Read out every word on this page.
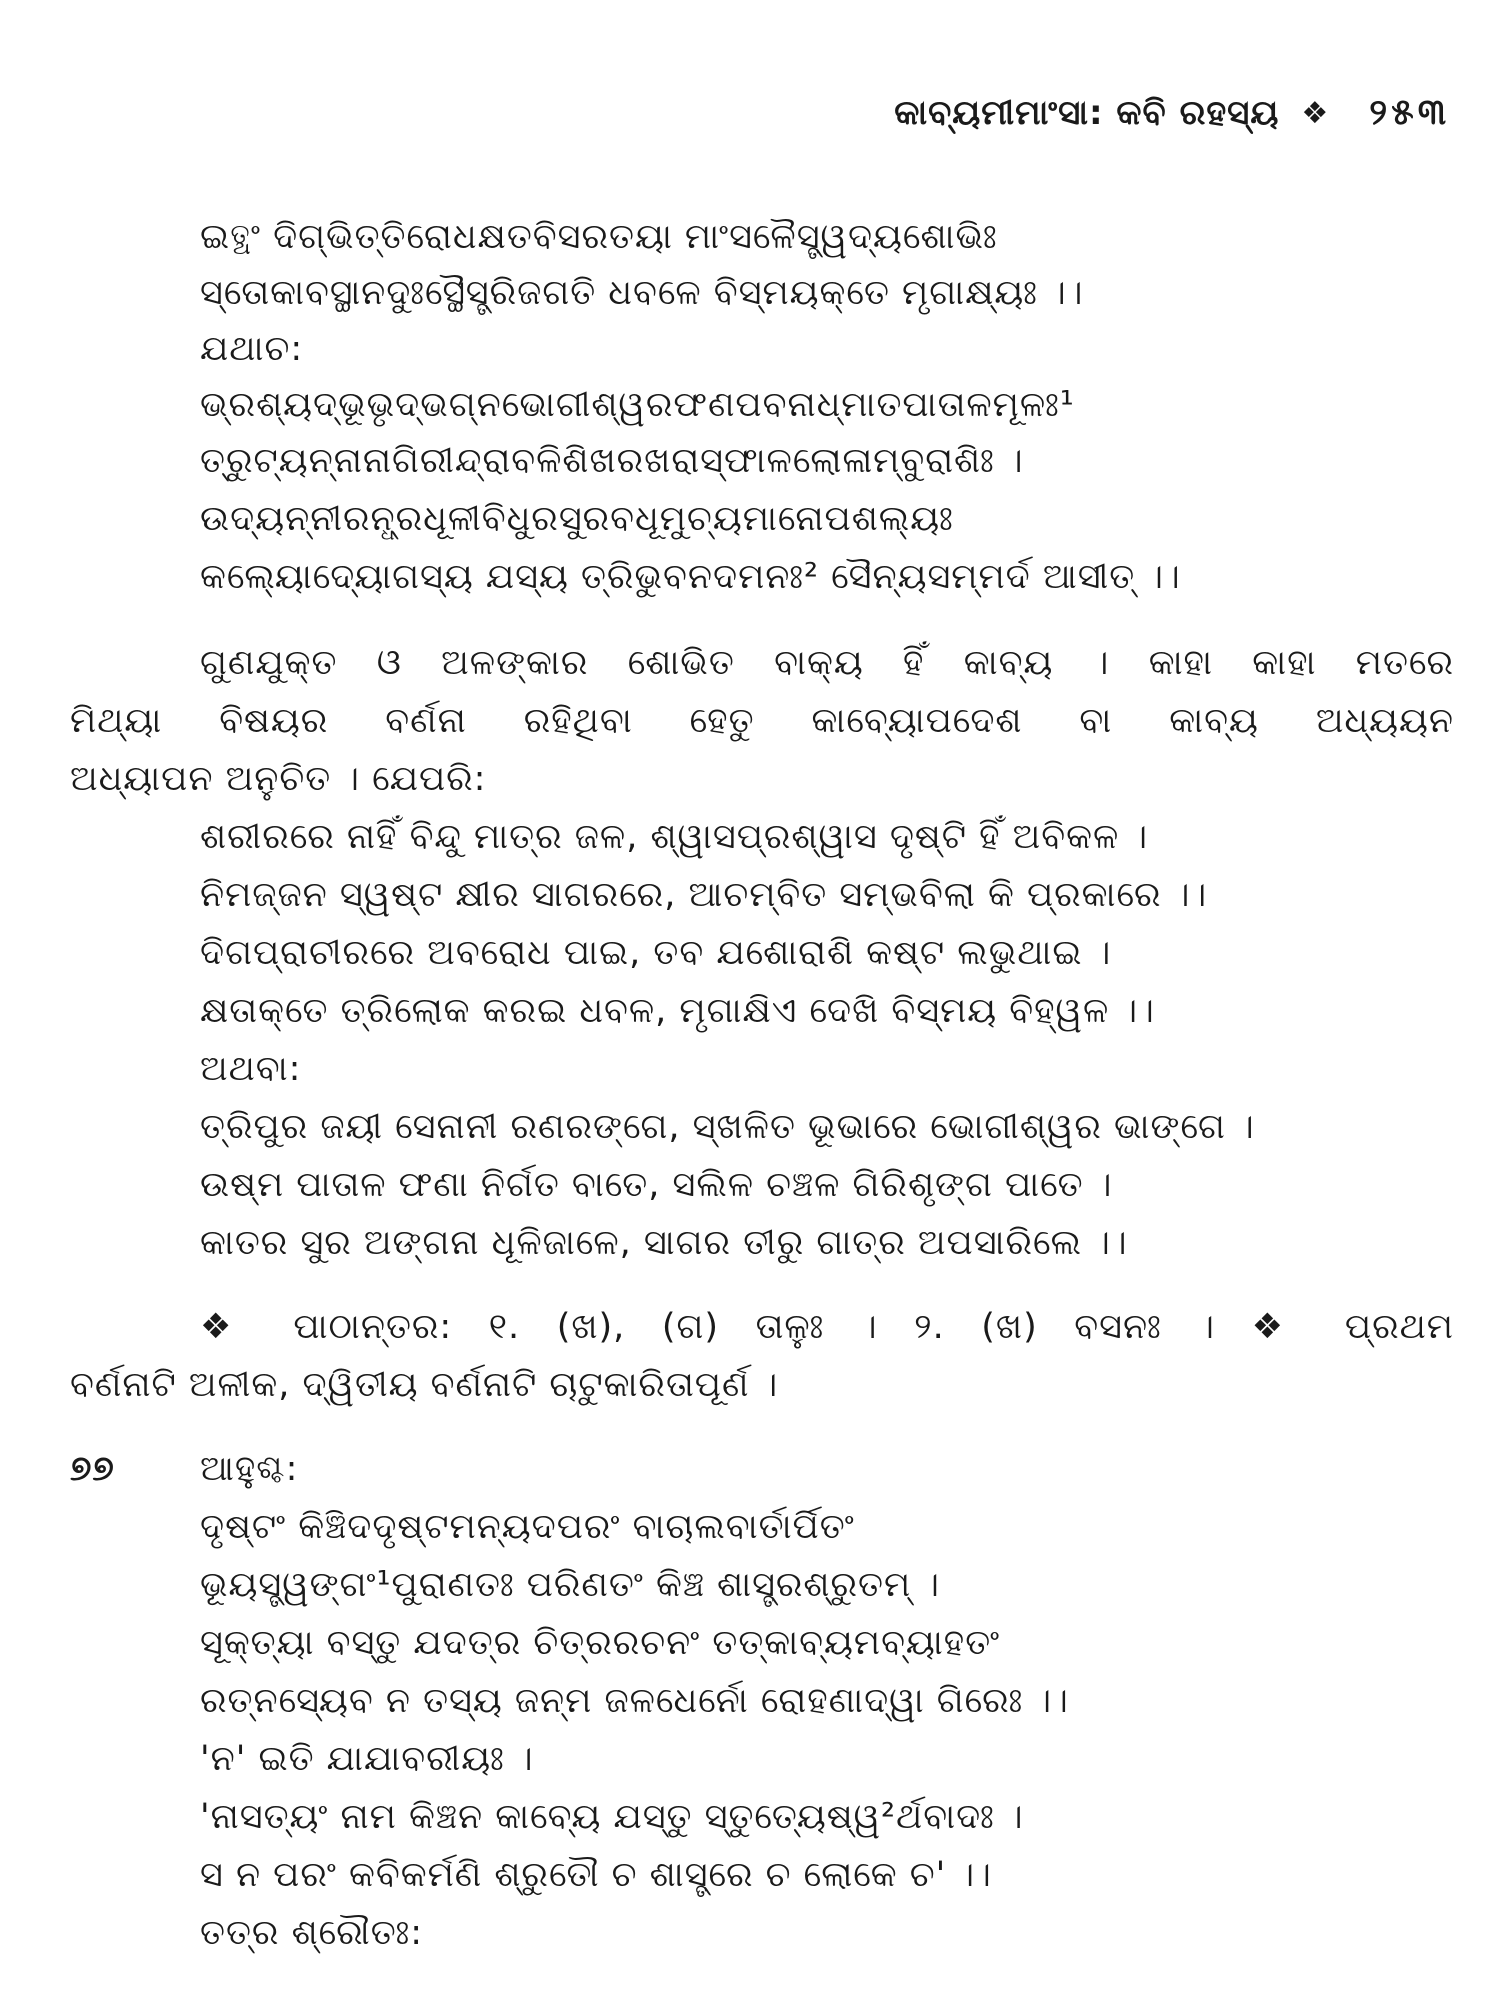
କାବ୍ୟମୀମାଂସା: କବି ରହସ୍ୟ ❖ ୨୫୩
ଇତ୍ଥଂ ଦିଗ୍‌ଭିତ୍ତିରୋଧକ୍ଷତବିସରତୟା ମାଂସଳୈସ୍ତ୍ୱଦ୍ୟଶୋଭିଃ
ସ୍ତୋକାବସ୍ଥାନଦୁଃସ୍ଥୈସ୍ତ୍ରିଜଗତି ଧବଳେ ବିସ୍ମୟକ୍ତେ ମୃଗାକ୍ଷ୍ୟଃ ।।
ଯଥାଚ:
ଭ୍ରଶ୍ୟଦ୍ଭୂଭୃଦ୍ଭଗ୍ନଭୋଗୀଶ୍ୱରଫଣପବନାଧ୍ମାତପାତାଳମୂଳଃ¹
ତ୍ରୁଟ୍ୟନ୍ନାନାଗିରୀନ୍ଦ୍ରାବଳିଶିଖରଖରାସ୍ଫାଳଲୋଳାମ୍ବୁରାଶିଃ ।
ଉଦ୍ୟନ୍ନୀରନ୍ଧ୍ରଧୂଳୀବିଧୁରସୁରବଧୂମୁଚ୍ୟମାନୋପଶଲ୍ୟଃ
କଲ୍ୟୋଦ୍ୟୋଗସ୍ୟ ଯସ୍ୟ ତ୍ରିଭୁବନଦମନଃ² ସୈନ୍ୟସମ୍ମର୍ଦ ଆସୀତ୍ ।।
ଗୁଣଯୁକ୍ତ ଓ ଅଳଙ୍କାର ଶୋଭିତ ବାକ୍ୟ ହିଁ କାବ୍ୟ । କାହା କାହା ମତରେ
ମିଥ୍ୟା ବିଷୟର ବର୍ଣନା ରହିଥିବା ହେତୁ କାବ୍ୟୋପଦେଶ ବା କାବ୍ୟ ଅଧ୍ୟୟନ
ଅଧ୍ୟାପନ ଅନୁଚିତ । ଯେପରି:
ଶରୀରରେ ନାହିଁ ବିନ୍ଦୁ ମାତ୍ର ଜଳ, ଶ୍ୱାସପ୍ରଶ୍ୱାସ ଦୃଷ୍ଟି ହିଁ ଅବିକଳ ।
ନିମଜ୍ଜନ ସ୍ୱଷ୍ଟ କ୍ଷୀର ସାଗରରେ, ଆଚମ୍ବିତ ସମ୍ଭବିଲା କି ପ୍ରକାରେ ।।
ଦିଗପ୍ରାଚୀରରେ ଅବରୋଧ ପାଇ, ତବ ଯଶୋରାଶି କଷ୍ଟ ଲଭୁଥାଇ ।
କ୍ଷତାକ୍ତେ ତ୍ରିଲୋକ କରଇ ଧବଳ, ମୃଗାକ୍ଷିଏ ଦେଖି ବିସ୍ମୟ ବିହ୍ୱଳ ।।
ଅଥବା:
ତ୍ରିପୁର ଜୟୀ ସେନାନୀ ରଣରଙ୍ଗେ, ସ୍ଖଳିତ ଭୂଭାରେ ଭୋଗୀଶ୍ୱର ଭାଙ୍ଗେ ।
ଉଷ୍ମ ପାତାଳ ଫଣା ନିର୍ଗତ ବାତେ, ସଲିଳ ଚଞ୍ଚଳ ଗିରିଶୃଙ୍ଗ ପାତେ ।
କାତର ସୁର ଅଙ୍ଗନା ଧୂଳିଜାଳେ, ସାଗର ତୀରୁ ଗାତ୍ର ଅପସାରିଲେ ।।
❖ ପାଠାନ୍ତର: ୧. (ଖ), (ଗ) ତାଳୁଃ । ୨. (ଖ) ବସନଃ । ❖ ପ୍ରଥମ
ବର୍ଣନାଟି ଅଳୀକ, ଦ୍ୱିତୀୟ ବର୍ଣନାଟି ଚାଟୁକାରିତାପୂର୍ଣ ।
୭୭ ଆହୁଶ୍ଚ:
ଦୃଷ୍ଟଂ କିଞ୍ଚିଦଦୃଷ୍ଟମନ୍ୟଦପରଂ ବାଚାଲବାର୍ତାର୍ପିତଂ
ଭୂୟସ୍ତ୍ୱଙ୍ଗଂ¹ପୁରାଣତଃ ପରିଣତଂ କିଞ୍ଚ ଶାସ୍ତ୍ରଶ୍ରୁତମ୍ ।
ସୂକ୍ତ୍ୟା ବସ୍ତୁ ଯଦତ୍ର ଚିତ୍ରରଚନଂ ତତ୍କାବ୍ୟମବ୍ୟାହତଂ
ରତ୍ନସ୍ୟେବ ନ ତସ୍ୟ ଜନ୍ମ ଜଳଧେର୍ନୋ ରୋହଣାଦ୍ୱା ଗିରେଃ ।।
'ନ' ଇତି ଯାଯାବରୀୟଃ ।
'ନାସତ୍ୟଂ ନାମ କିଞ୍ଚନ କାବ୍ୟେ ଯସ୍ତୁ ସ୍ତୁତ୍ୟେଷ୍ୱ²ର୍ଥବାଦଃ ।
ସ ନ ପରଂ କବିକର୍ମଣି ଶ୍ରୁତୌ ଚ ଶାସ୍ତ୍ରେ ଚ ଲୋକେ ଚ' ।।
ତତ୍ର ଶ୍ରୌତଃ:
